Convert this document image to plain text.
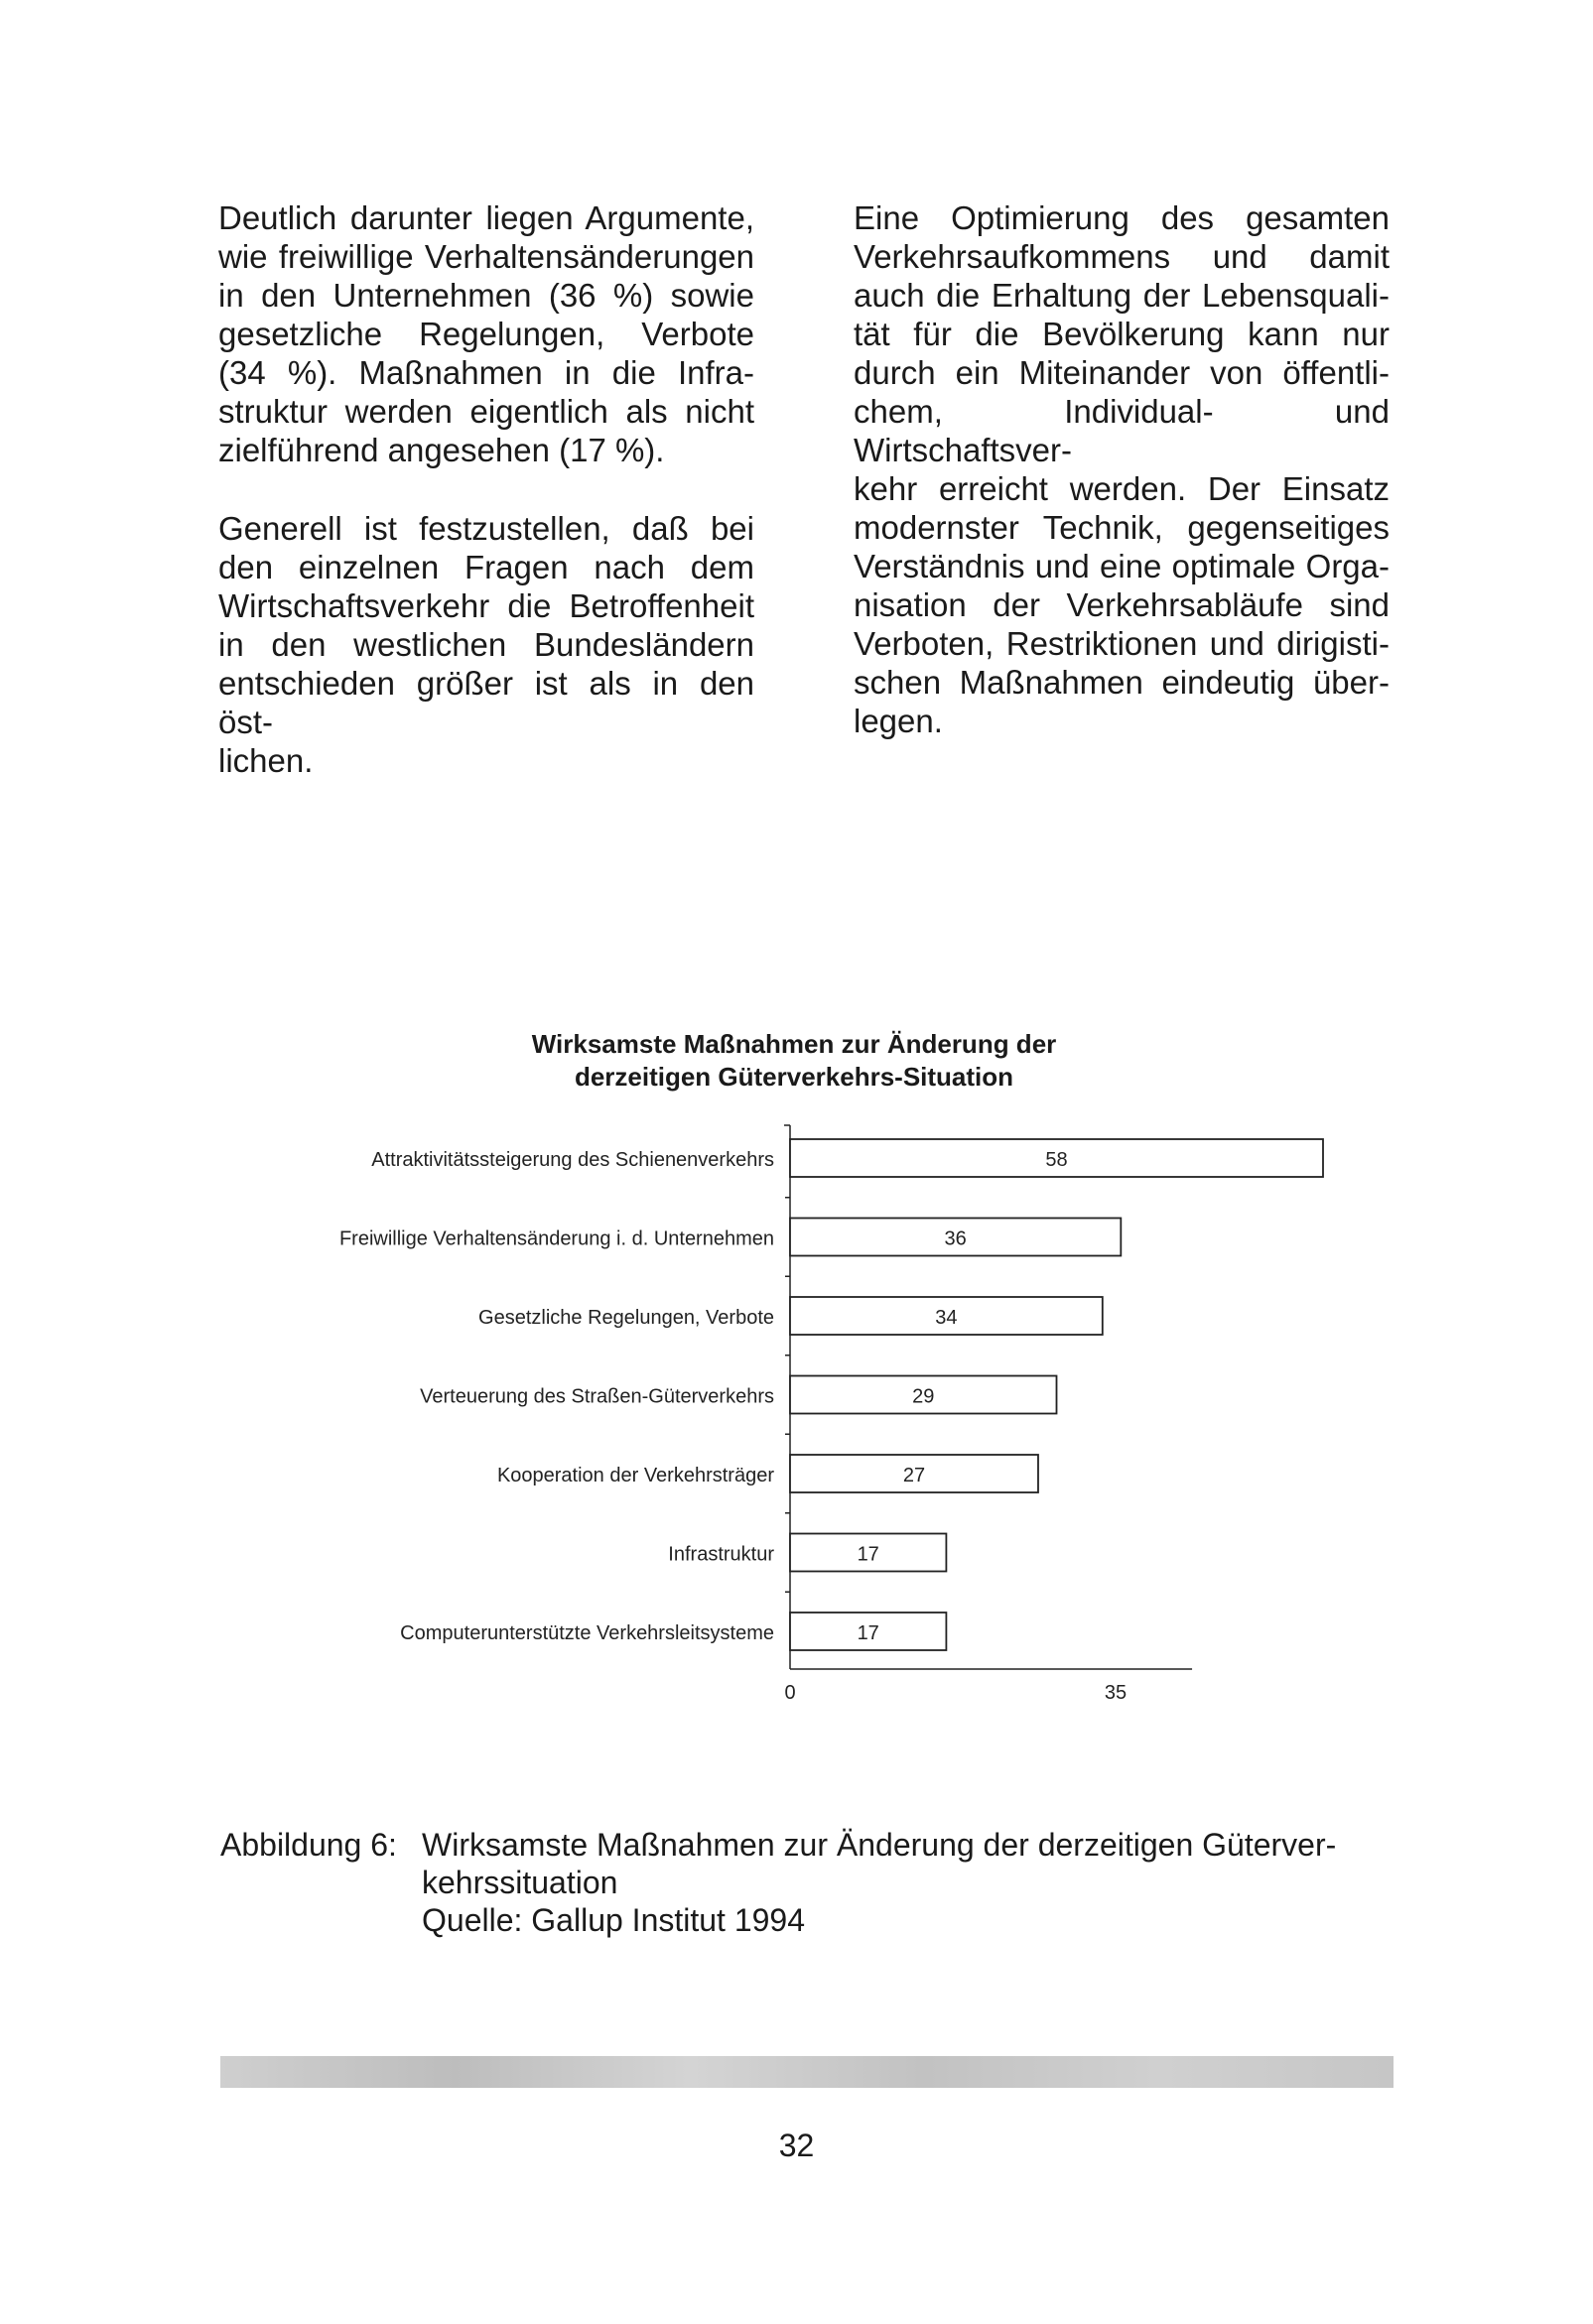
Deutlich darunter liegen Argumente,
wie freiwillige Verhaltensänderungen
in den Unternehmen (36 %) sowie
gesetzliche Regelungen, Verbote
(34 %). Maßnahmen in die Infra-
struktur werden eigentlich als nicht
zielführend angesehen (17 %).

Generell ist festzustellen, daß bei
den einzelnen Fragen nach dem
Wirtschaftsverkehr die Betroffenheit
in den westlichen Bundesländern
entschieden größer ist als in den öst-
lichen.

Eine Optimierung des gesamten
Verkehrsaufkommens und damit
auch die Erhaltung der Lebensquali-
tät für die Bevölkerung kann nur
durch ein Miteinander von öffentli-
chem, Individual- und Wirtschaftsver-
kehr erreicht werden. Der Einsatz
modernster Technik, gegenseitiges
Verständnis und eine optimale Orga-
nisation der Verkehrsabläufe sind
Verboten, Restriktionen und dirigisti-
schen Maßnahmen eindeutig über-
legen.

Wirksamste Maßnahmen zur Änderung der
derzeitigen Güterverkehrs-Situation
58
Attraktivitätssteigerung des Schienenverkehrs
36
Freiwillige Verhaltensänderung i. d. Unternehmen
34
Gesetzliche Regelungen, Verbote
29
Verteuerung des Straßen-Güterverkehrs
27
Kooperation der Verkehrsträger
17
Infrastruktur
17
Computerunterstützte Verkehrsleitsysteme
0	35
Abbildung 6: Wirksamste Maßnahmen zur Änderung der derzeitigen Güterver-
kehrssituation
Quelle: Gallup Institut 1994
32
